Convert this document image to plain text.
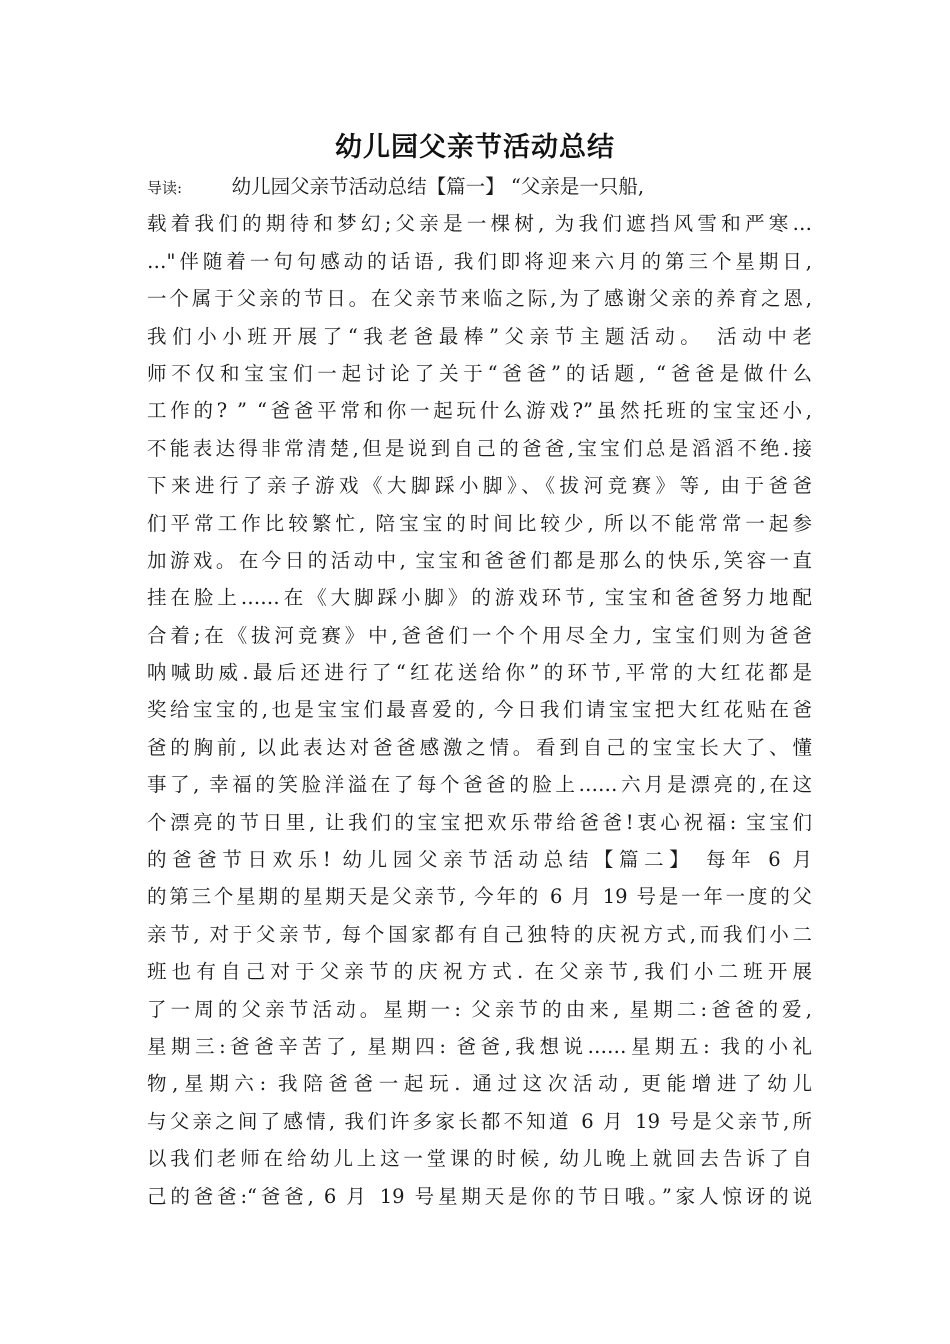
幼儿园父亲节活动总结
导读:	幼儿园父亲节活动总结【篇一】 “父亲是一只船,
载着我们的期待和梦幻;父亲是一棵树, 为我们遮挡风雪和严寒…
…"伴随着一句句感动的话语, 我们即将迎来六月的第三个星期日,
一个属于父亲的节日。在父亲节来临之际,为了感谢父亲的养育之恩,
我们小小班开展了“我老爸最棒”父亲节主题活动。 活动中老
师不仅和宝宝们一起讨论了关于“爸爸”的话题, “爸爸是做什么
工作的? ” “爸爸平常和你一起玩什么游戏?”虽然托班的宝宝还小,
不能表达得非常清楚,但是说到自己的爸爸,宝宝们总是滔滔不绝.接
下来进行了亲子游戏《大脚踩小脚》、《拔河竞赛》等, 由于爸爸
们平常工作比较繁忙, 陪宝宝的时间比较少, 所以不能常常一起参
加游戏。在今日的活动中, 宝宝和爸爸们都是那么的快乐,笑容一直
挂在脸上……在《大脚踩小脚》的游戏环节, 宝宝和爸爸努力地配
合着;在《拔河竞赛》中,爸爸们一个个用尽全力, 宝宝们则为爸爸
呐喊助威.最后还进行了“红花送给你”的环节,平常的大红花都是
奖给宝宝的,也是宝宝们最喜爱的, 今日我们请宝宝把大红花贴在爸
爸的胸前, 以此表达对爸爸感激之情。看到自己的宝宝长大了、懂
事了, 幸福的笑脸洋溢在了每个爸爸的脸上……六月是漂亮的,在这
个漂亮的节日里, 让我们的宝宝把欢乐带给爸爸!衷心祝福: 宝宝们
的爸爸节日欢乐! 幼儿园父亲节活动总结【篇二】 每年 6 月
的第三个星期的星期天是父亲节, 今年的 6 月 19 号是一年一度的父
亲节, 对于父亲节, 每个国家都有自己独特的庆祝方式,而我们小二
班也有自己对于父亲节的庆祝方式. 在父亲节,我们小二班开展
了一周的父亲节活动。星期一: 父亲节的由来, 星期二:爸爸的爱,
星期三:爸爸辛苦了, 星期四: 爸爸,我想说……星期五: 我的小礼
物,星期六: 我陪爸爸一起玩. 通过这次活动, 更能增进了幼儿
与父亲之间了感情, 我们许多家长都不知道 6 月 19 号是父亲节,所
以我们老师在给幼儿上这一堂课的时候, 幼儿晚上就回去告诉了自
己的爸爸:“爸爸, 6 月 19 号星期天是你的节日哦。”家人惊讶的说
